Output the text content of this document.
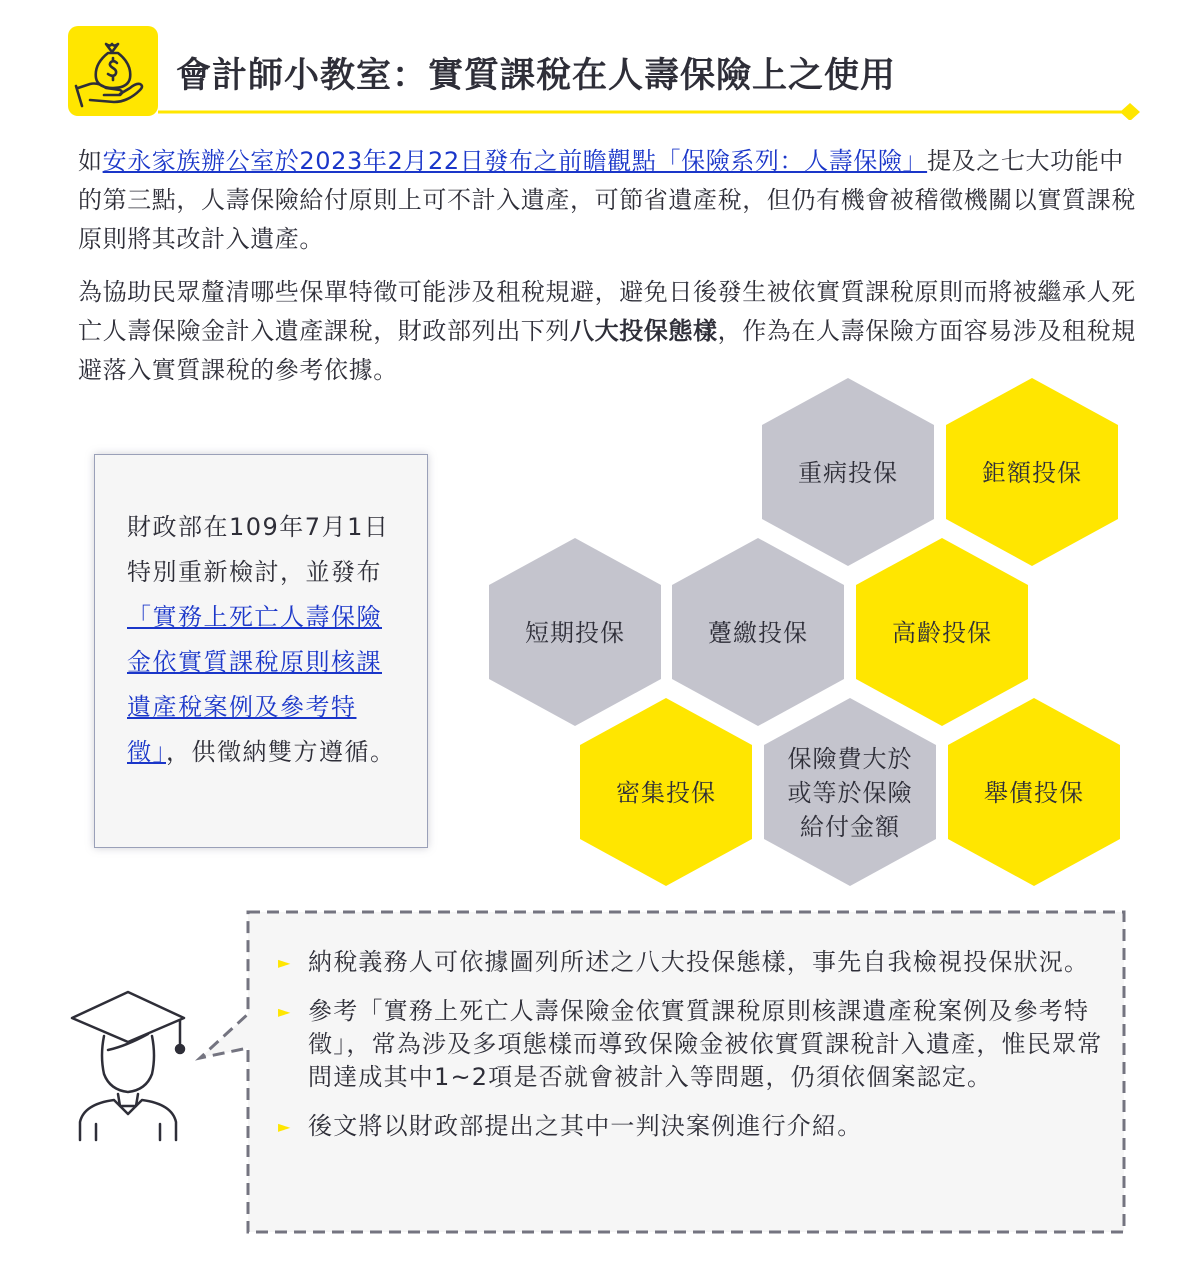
會計師小教室：實質課稅在人壽保險上之使用

如安永家族辦公室於2023年2月22日發布之前瞻觀點「保險系列：人壽保險」提及之七大功能中的第三點，人壽保險給付原則上可不計入遺產，可節省遺產稅，但仍有機會被稽徵機關以實質課稅原則將其改計入遺產。

為協助民眾釐清哪些保單特徵可能涉及租稅規避，避免日後發生被依實質課稅原則而將被繼承人死亡人壽保險金計入遺產課稅，財政部列出下列八大投保態樣，作為在人壽保險方面容易涉及租稅規避落入實質課稅的參考依據。

財政部在109年7月1日特別重新檢討，並發布「實務上死亡人壽保險金依實質課稅原則核課遺產稅案例及參考特徵」，供徵納雙方遵循。

重病投保	鉅額投保
短期投保	躉繳投保	高齡投保
密集投保
保險費大於或等於保險給付金額
舉債投保
► 納稅義務人可依據圖列所述之八大投保態樣，事先自我檢視投保狀況。
► 參考「實務上死亡人壽保險金依實質課稅原則核課遺產稅案例及參考特徵」，常為涉及多項態樣而導致保險金被依實質課稅計入遺產，惟民眾常問達成其中1~2項是否就會被計入等問題，仍須依個案認定。
► 後文將以財政部提出之其中一判決案例進行介紹。
